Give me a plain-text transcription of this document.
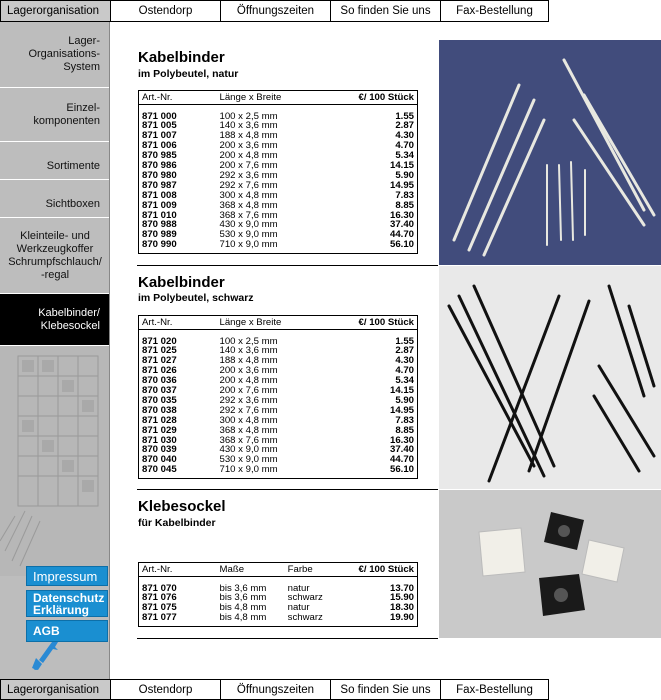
Lagerorganisation	Ostendorp	Öffnungszeiten	So finden Sie uns	Fax-Bestellung
Lager-
Organisations-
System
Einzel-
komponenten
Sortimente
Sichtboxen
Kleinteile- und
Werkzeugkoffer
Schrumpfschlauch/
-regal
Kabelbinder/
Klebesockel
Impressum
Datenschutz
Erklärung
AGB
Kabelbinder
im Polybeutel, natur
Art.-Nr.	Länge x Breite	€/ 100 Stück

871 000	100 x 2,5 mm	1.55
871 005	140 x 3,6 mm	2.87
871 007	188 x 4,8 mm	4.30
871 006	200 x 3,6 mm	4.70
870 985	200 x 4,8 mm	5.34
870 986	200 x 7,6 mm	14.15
870 980	292 x 3,6 mm	5.90
870 987	292 x 7,6 mm	14.95
871 008	300 x 4,8 mm	7.83
871 009	368 x 4,8 mm	8.85
871 010	368 x 7,6 mm	16.30
870 988	430 x 9,0 mm	37.40
870 989	530 x 9,0 mm	44.70
870 990	710 x 9,0 mm	56.10

Kabelbinder
im Polybeutel, schwarz
Art.-Nr.	Länge x Breite	€/ 100 Stück

871 020	100 x 2,5 mm	1.55
871 025	140 x 3,6 mm	2.87
871 027	188 x 4,8 mm	4.30
871 026	200 x 3,6 mm	4.70
870 036	200 x 4,8 mm	5.34
870 037	200 x 7,6 mm	14.15
870 035	292 x 3,6 mm	5.90
870 038	292 x 7,6 mm	14.95
871 028	300 x 4,8 mm	7.83
871 029	368 x 4,8 mm	8.85
871 030	368 x 7,6 mm	16.30
870 039	430 x 9,0 mm	37.40
870 040	530 x 9,0 mm	44.70
870 045	710 x 9,0 mm	56.10

Klebesockel
für Kabelbinder
Art.-Nr.	Maße	Farbe	€/ 100 Stück

871 070	bis 3,6 mm	natur	13.70
871 076	bis 3,6 mm	schwarz	15.90
871 075	bis 4,8 mm	natur	18.30
871 077	bis 4,8 mm	schwarz	19.90

Lagerorganisation	Ostendorp	Öffnungszeiten	So finden Sie uns	Fax-Bestellung
